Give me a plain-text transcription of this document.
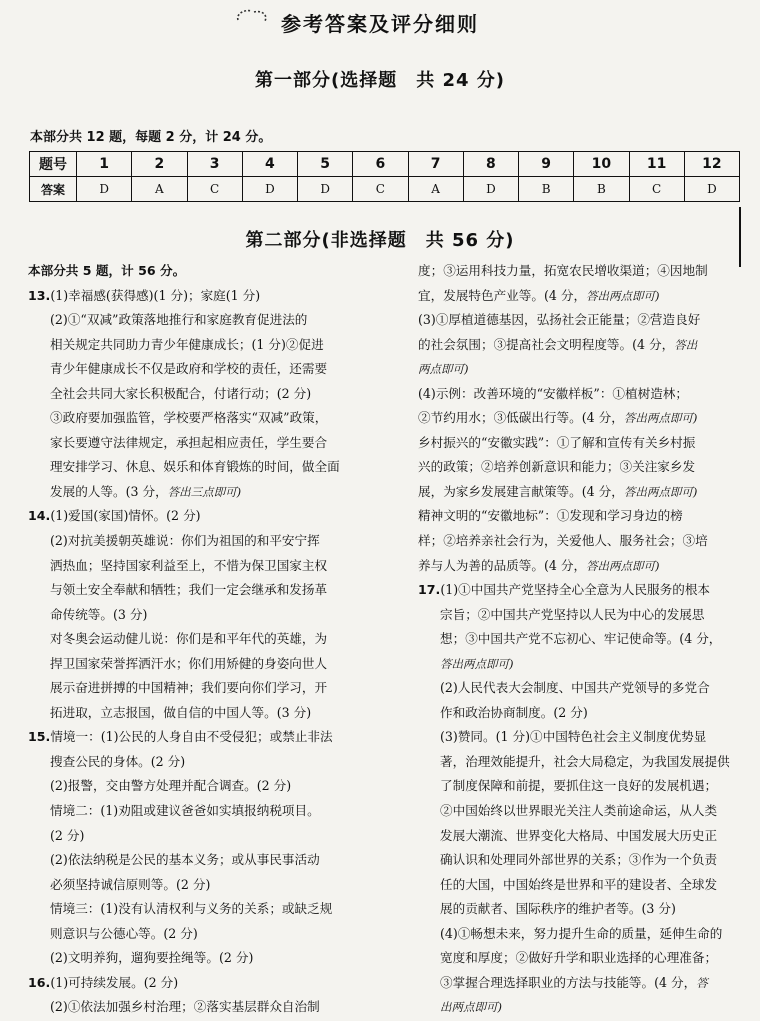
参考答案及评分细则
第一部分(选择题　共 24 分)
本部分共 12 题，每题 2 分，计 24 分。
题号	1	2	3	4	5	6	7	8	9	10	11	12
答案	D	A	C	D	D	C	A	D	B	B	C	D
第二部分(非选择题　共 56 分)
本部分共 5 题，计 56 分。
13.(1)幸福感(获得感)(1 分)；家庭(1 分)
(2)①“双减”政策落地推行和家庭教育促进法的
相关规定共同助力青少年健康成长；(1 分)②促进
青少年健康成长不仅是政府和学校的责任，还需要
全社会共同大家长积极配合，付诸行动；(2 分)
③政府要加强监管，学校要严格落实“双减”政策，
家长要遵守法律规定，承担起相应责任，学生要合
理安排学习、休息、娱乐和体育锻炼的时间，做全面
发展的人等。(3 分，答出三点即可)
14.(1)爱国(家国)情怀。(2 分)
(2)对抗美援朝英雄说：你们为祖国的和平安宁挥
洒热血；坚持国家利益至上，不惜为保卫国家主权
与领土安全奉献和牺牲；我们一定会继承和发扬革
命传统等。(3 分)
对冬奥会运动健儿说：你们是和平年代的英雄，为
捍卫国家荣誉挥洒汗水；你们用矫健的身姿向世人
展示奋进拼搏的中国精神；我们要向你们学习，开
拓进取，立志报国，做自信的中国人等。(3 分)
15.情境一：(1)公民的人身自由不受侵犯；或禁止非法
搜查公民的身体。(2 分)
(2)报警，交由警方处理并配合调查。(2 分)
情境二：(1)劝阻或建议爸爸如实填报纳税项目。
(2 分)
(2)依法纳税是公民的基本义务；或从事民事活动
必须坚持诚信原则等。(2 分)
情境三：(1)没有认清权利与义务的关系；或缺乏规
则意识与公德心等。(2 分)
(2)文明养狗，遛狗要拴绳等。(2 分)
16.(1)可持续发展。(2 分)
(2)①依法加强乡村治理；②落实基层群众自治制
度；③运用科技力量，拓宽农民增收渠道；④因地制
宜，发展特色产业等。(4 分，答出两点即可)
(3)①厚植道德基因，弘扬社会正能量；②营造良好
的社会氛围；③提高社会文明程度等。(4 分，答出
两点即可)
(4)示例：改善环境的“安徽样板”：①植树造林；
②节约用水；③低碳出行等。(4 分，答出两点即可)
乡村振兴的“安徽实践”：①了解和宣传有关乡村振
兴的政策；②培养创新意识和能力；③关注家乡发
展，为家乡发展建言献策等。(4 分，答出两点即可)
精神文明的“安徽地标”：①发现和学习身边的榜
样；②培养亲社会行为，关爱他人、服务社会；③培
养与人为善的品质等。(4 分，答出两点即可)
17.(1)①中国共产党坚持全心全意为人民服务的根本
宗旨；②中国共产党坚持以人民为中心的发展思
想；③中国共产党不忘初心、牢记使命等。(4 分，
答出两点即可)
(2)人民代表大会制度、中国共产党领导的多党合
作和政治协商制度。(2 分)
(3)赞同。(1 分)①中国特色社会主义制度优势显
著，治理效能提升，社会大局稳定，为我国发展提供
了制度保障和前提，要抓住这一良好的发展机遇；
②中国始终以世界眼光关注人类前途命运，从人类
发展大潮流、世界变化大格局、中国发展大历史正
确认识和处理同外部世界的关系；③作为一个负责
任的大国，中国始终是世界和平的建设者、全球发
展的贡献者、国际秩序的维护者等。(3 分)
(4)①畅想未来，努力提升生命的质量，延伸生命的
宽度和厚度；②做好升学和职业选择的心理准备；
③掌握合理选择职业的方法与技能等。(4 分，答
出两点即可)
